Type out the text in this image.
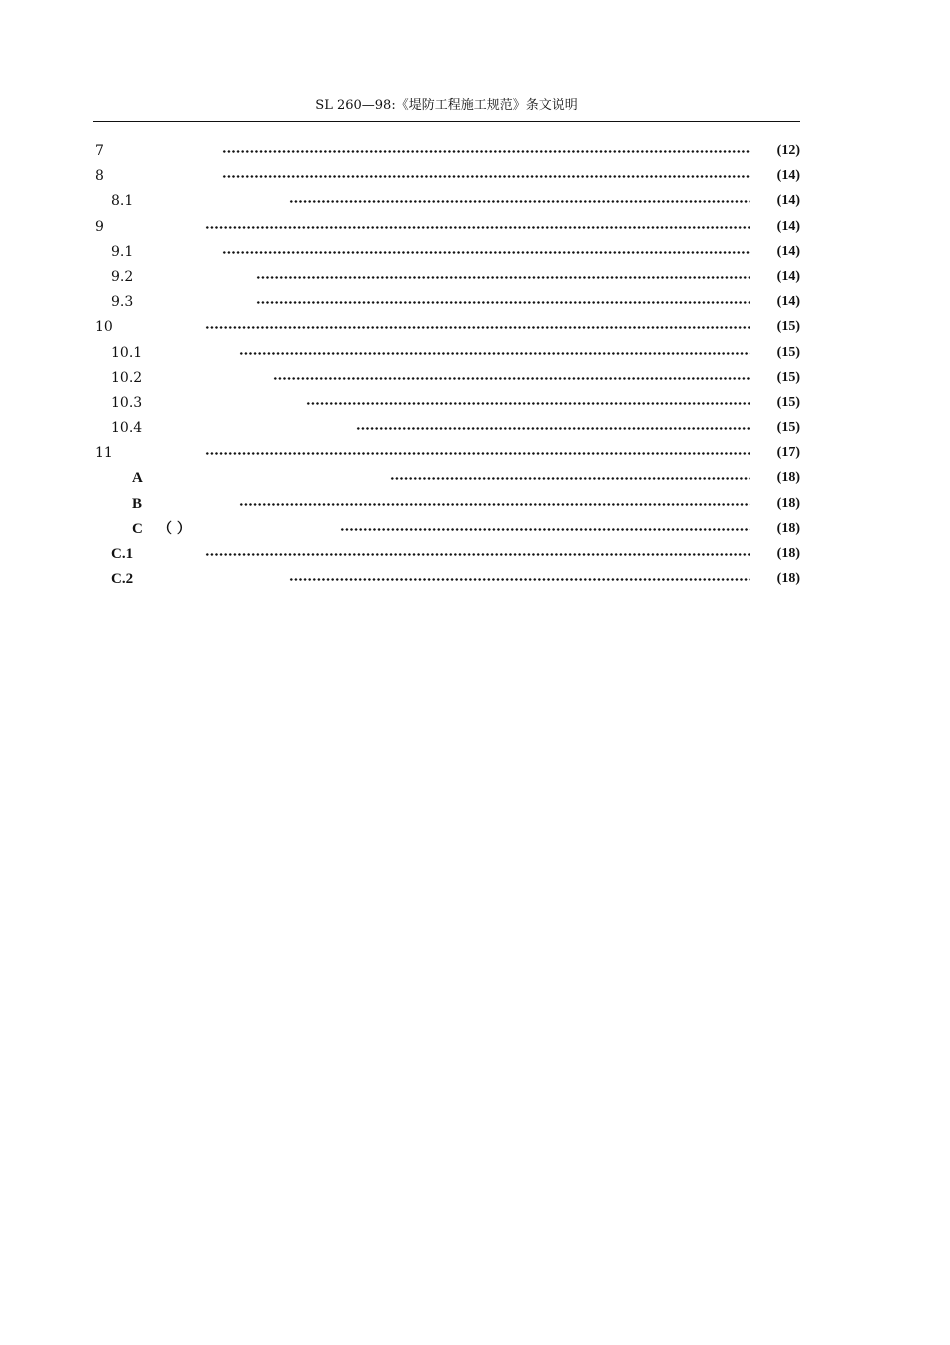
SL 260—98:《堤防工程施工规范》条文说明
7	(12)
8	(14)
8.1	(14)
9	(14)
9.1	(14)
9.2	(14)
9.3	(14)
10	(15)
10.1	(15)
10.2	(15)
10.3	(15)
10.4	(15)
11	(17)
A	(18)
B	(18)
C （ ）	(18)
C.1	(18)
C.2	(18)
